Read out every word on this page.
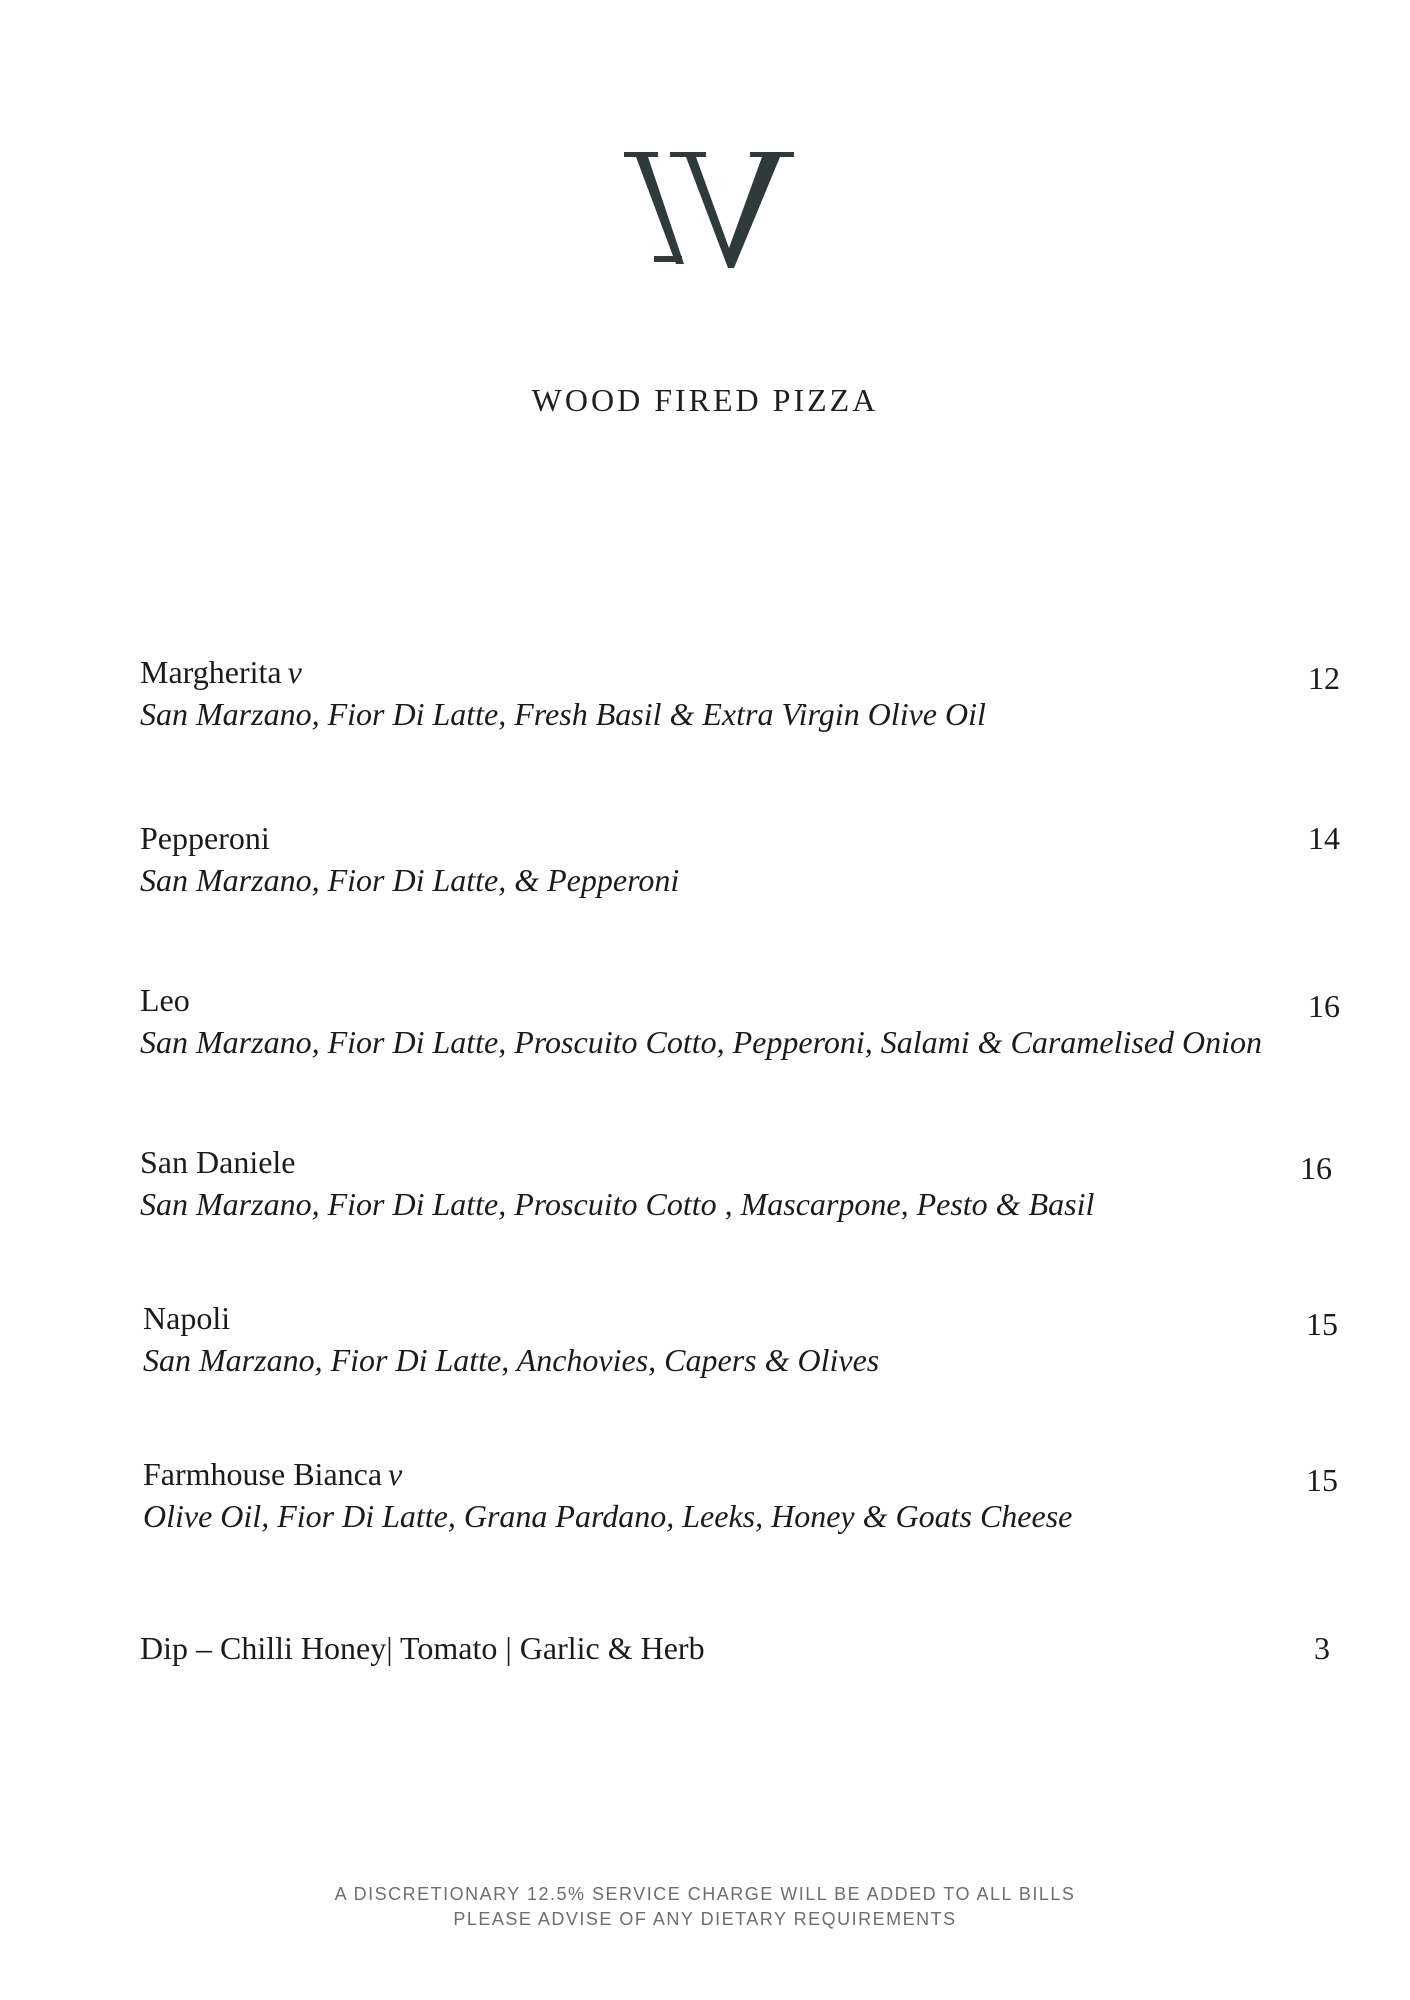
WOOD FIRED PIZZA
Margherita v
San Marzano, Fior Di Latte, Fresh Basil & Extra Virgin Olive Oil
12
Pepperoni
San Marzano, Fior Di Latte, & Pepperoni
14
Leo
San Marzano, Fior Di Latte, Proscuito Cotto, Pepperoni, Salami & Caramelised Onion
16
San Daniele
San Marzano, Fior Di Latte, Proscuito Cotto , Mascarpone, Pesto & Basil
16
Napoli
San Marzano, Fior Di Latte, Anchovies, Capers & Olives
15
Farmhouse Bianca v
Olive Oil, Fior Di Latte, Grana Pardano, Leeks, Honey & Goats Cheese
15
Dip – Chilli Honey| Tomato | Garlic & Herb	3
A DISCRETIONARY 12.5% SERVICE CHARGE WILL BE ADDED TO ALL BILLS
PLEASE ADVISE OF ANY DIETARY REQUIREMENTS
